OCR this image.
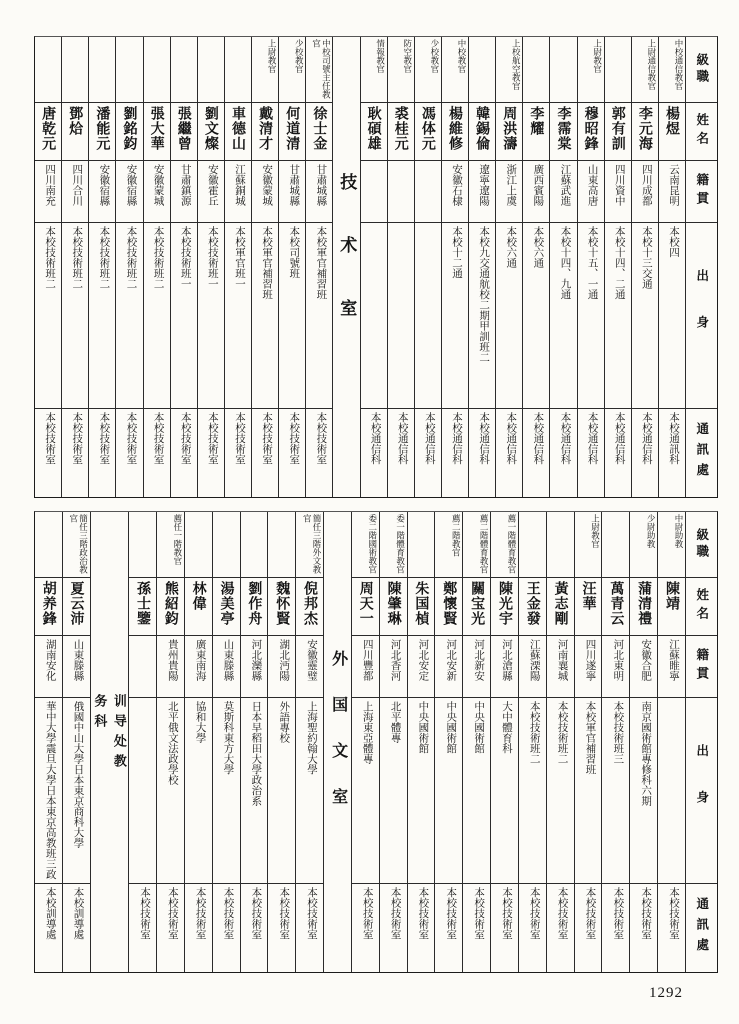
級職
姓名
籍貫
出身
通訊處
中校通信教官
楊煜
云南昆明
本校四
本校通訊科
上尉通信教官
李元海
四川成都
本校十三交通
本校通信科
郭有訓
四川資中
本校十四、二通
本校通信科
上尉教官
穆昭鋒
山東高唐
本校十五、一通
本校通信科
李霈棠
江蘇武進
本校十四、九通
本校通信科
李耀
廣西賓陽
本校六通
本校通信科
上校航空教官
周洪濤
浙江上虞
本校六通
本校通信科
韓錫倫
遼寧遼陽
本校九交通航校二期甲訓班二
本校通信科
中校教官
楊維修
安徽石棣
本校十二通
本校通信科
少校教官
馮体元
本校通信科
防空教官
裘桂元
本校通信科
情報教官
耿碩雄
本校通信科
技术室
中校司號主任教官
徐士金
甘肅城縣
本校軍官補習班
本校技術室
少校教官
何道清
甘肅城縣
本校司號班
本校技術室
上尉教官
戴清才
安徽蒙城
本校軍官補習班
本校技術室
車德山
江蘇銅城
本校軍官班一
本校技術室
劉文燦
安徽霍丘
本校技術班一
本校技術室
張繼曾
甘肅鎮源
本校技術班一
本校技術室
張大華
安徽蒙城
本校技術班二
本校技術室
劉銘鈞
安徽宿縣
本校技術班二
本校技術室
潘能元
安徽宿縣
本校技術班二
本校技術室
鄧烚
四川合川
本校技術班二
本校技術室
唐乾元
四川南充
本校技術班二
本校技術室
級職
姓名
籍貫
出身
通訊處
中尉助教
陳靖
江蘇睢寧
本校技術室
少尉助教
蒲清禮
安徽合肥
南京國術館專修科六期
本校技術室
萬青云
河北東明
本校技術班三
本校技術室
上尉教官
汪華
四川遂寧
本校軍官補習班
本校技術室
黃志剛
河南襄城
本校技術班二
本校技術室
王金發
江蘇溧陽
本校技術班二
本校技術室
薦一階體育教官
陳光宇
河北滄縣
大中體育科
本校技術室
薦二階體育教官
關宝光
河北新安
中央國術館
本校技術室
薦二階教官
鄭懷賢
河北安新
中央國術館
本校技術室
朱国楨
河北安定
中央國術館
本校技術室
委一階體育教官
陳肇琳
河北香河
北平體專
本校技術室
委二階國術教官
周天一
四川豐都
上海東亞體專
本校技術室
外国文室
簡任三階外文教官
倪邦杰
安徽靈璧
上海聖約翰大學
本校技術室
魏怀賢
湖北沔陽
外語專校
本校技術室
劉作舟
河北灤縣
日本早稻田大學政治系
本校技術室
湯美亭
山東滕縣
莫斯科東方大學
本校技術室
林偉
廣東南海
協和大學
本校技術室
薦任一階教官
熊紹鈞
貴州貴陽
北平俄文法政學校
本校技術室
孫士鑒
本校技術室
训导处教务科
簡任三階政治教官
夏云沛
山東滕縣
俄國中山大學日本東京商科大學
本校訓導處
胡养鋒
湖南安化
華中大學震旦大學日本東京高教班三政
本校訓導處
1292
